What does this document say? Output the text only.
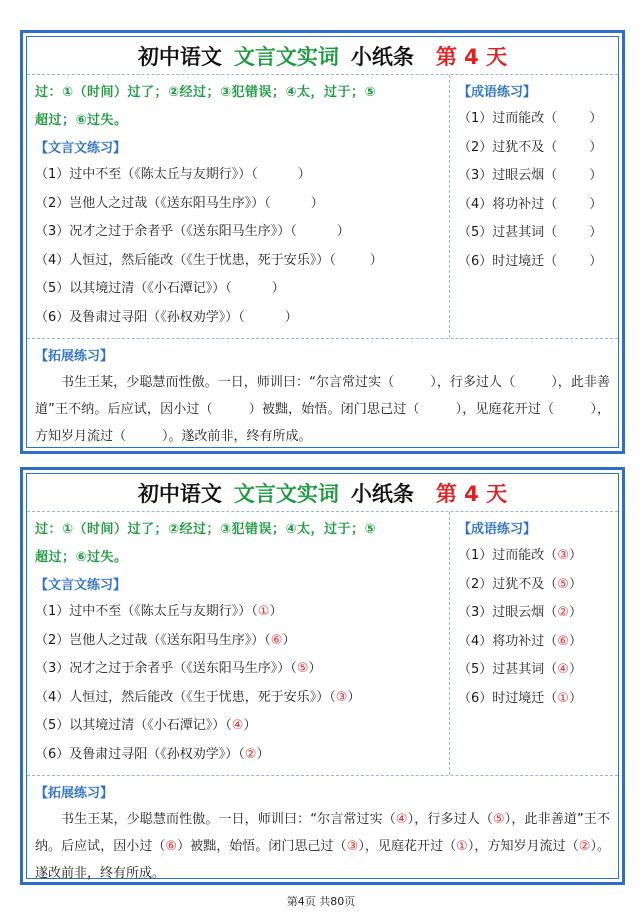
初中语文 文言文实词 小纸条 第 4 天
过：①（时间）过了；②经过；③犯错误；④太，过于；⑤
超过；⑥过失。
【文言文练习】
（1）过中不至（《陈太丘与友期行》）（	）
（2）岂他人之过哉（《送东阳马生序》）（	）
（3）况才之过于余者乎（《送东阳马生序》）（	）
（4）人恒过，然后能改（《生于忧患，死于安乐》）（	）
（5）以其境过清（《小石潭记》）（	）
（6）及鲁肃过寻阳（《孙权劝学》）（	）
【成语练习】
（1）过而能改（ ）
（2）过犹不及（ ）
（3）过眼云烟（ ）
（4）将功补过（ ）
（5）过甚其词（ ）
（6）时过境迁（ ）
【拓展练习】
书生王某，少聪慧而性傲。一日，师训曰：“尔言常过实（	），行多过人（	），此非善道”王不纳。后应试，因小过（	）被黜，始悟。闭门思己过（	），见庭花开过（	），方知岁月流过（	）。遂改前非，终有所成。
初中语文 文言文实词 小纸条 第 4 天
过：①（时间）过了；②经过；③犯错误；④太，过于；⑤
超过；⑥过失。
【文言文练习】
（1）过中不至（《陈太丘与友期行》）（①）
（2）岂他人之过哉（《送东阳马生序》）（⑥）
（3）况才之过于余者乎（《送东阳马生序》）（⑤）
（4）人恒过，然后能改（《生于忧患，死于安乐》）（③）
（5）以其境过清（《小石潭记》）（④）
（6）及鲁肃过寻阳（《孙权劝学》）（②）
【成语练习】
（1）过而能改（③）
（2）过犹不及（⑤）
（3）过眼云烟（②）
（4）将功补过（⑥）
（5）过甚其词（④）
（6）时过境迁（①）
【拓展练习】
书生王某，少聪慧而性傲。一日，师训曰：“尔言常过实（④），行多过人（⑤），此非善道”王不纳。后应试，因小过（⑥）被黜，始悟。闭门思己过（③），见庭花开过（①），方知岁月流过（②）。遂改前非，终有所成。
第4页 共80页
